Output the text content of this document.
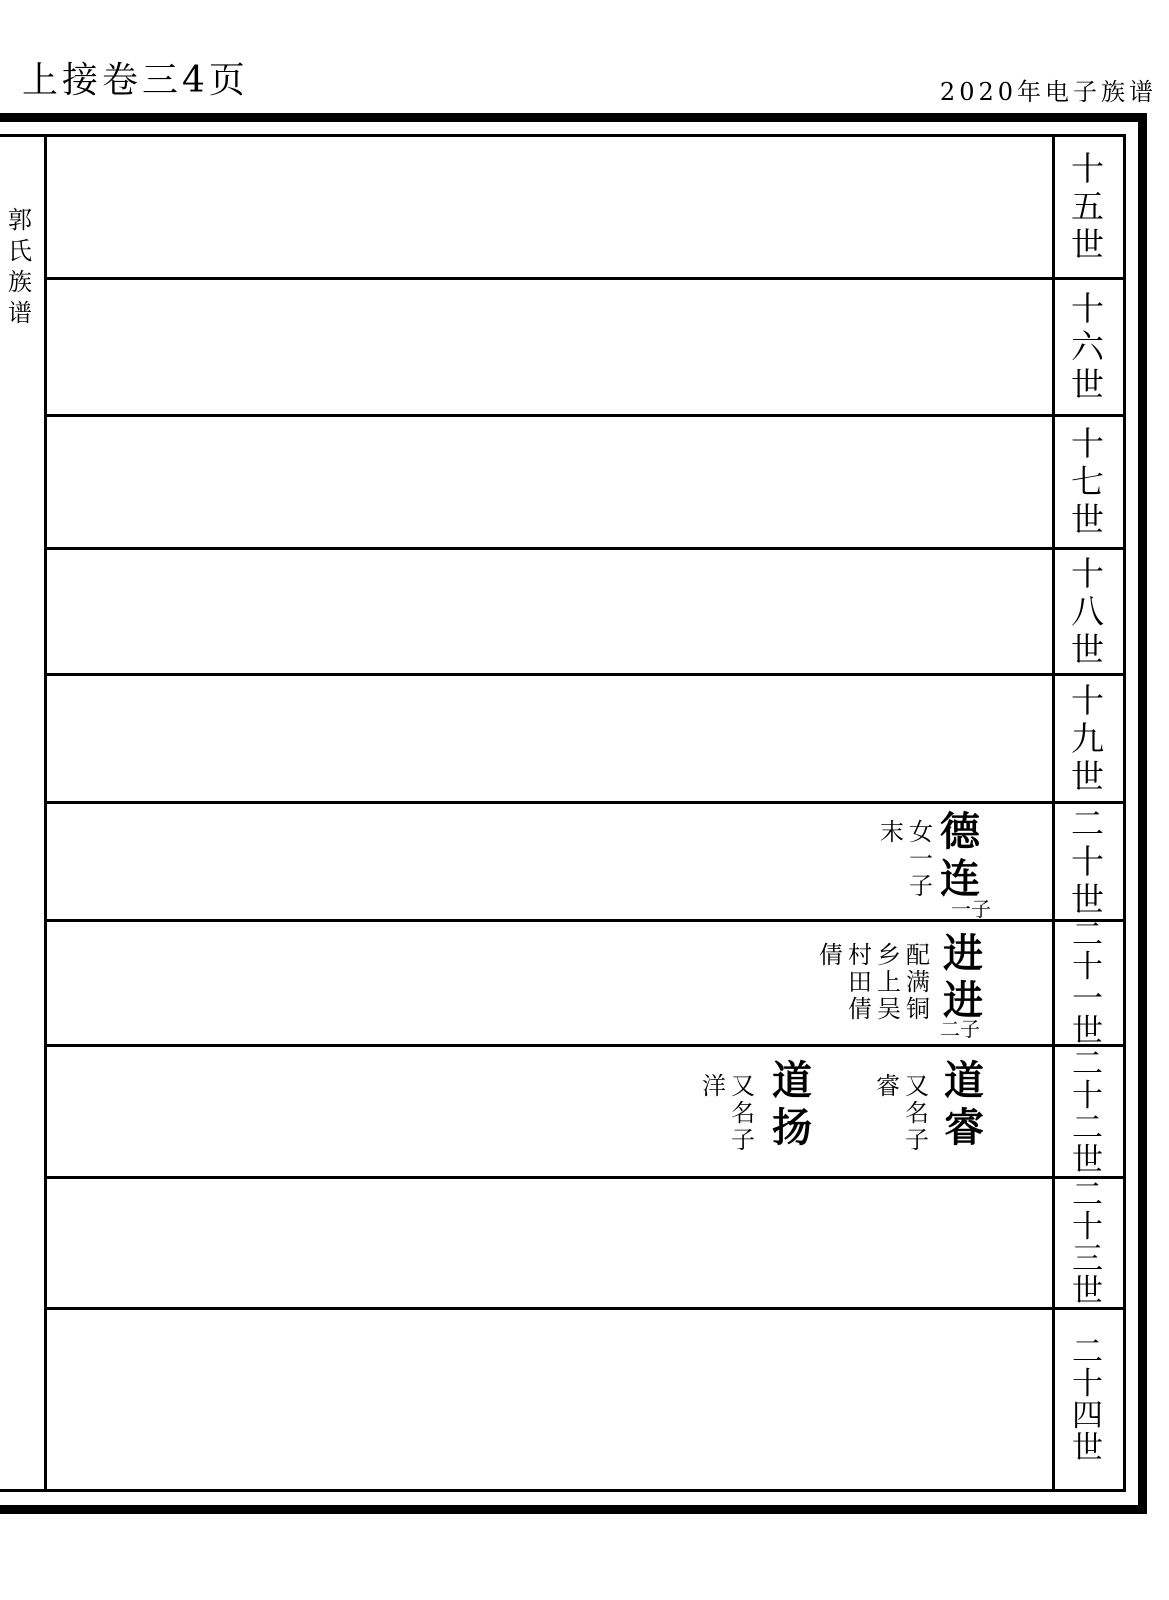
上接卷三4页	2020年电子族谱
郭
氏
族
谱
十
五
世
十
六
世
十
七
世
十
八
世
十
九
世
二
十
世
德
连
一 子
女
一
子
末
二
十
一
世
进
进
二 子
配
满
铜
乡
上
吴
村
田
倩
倩
二
十
二
世
道
睿
又
名
子
睿
道
扬
又
名
子
洋
二
十
三
世
二
十
四
世
